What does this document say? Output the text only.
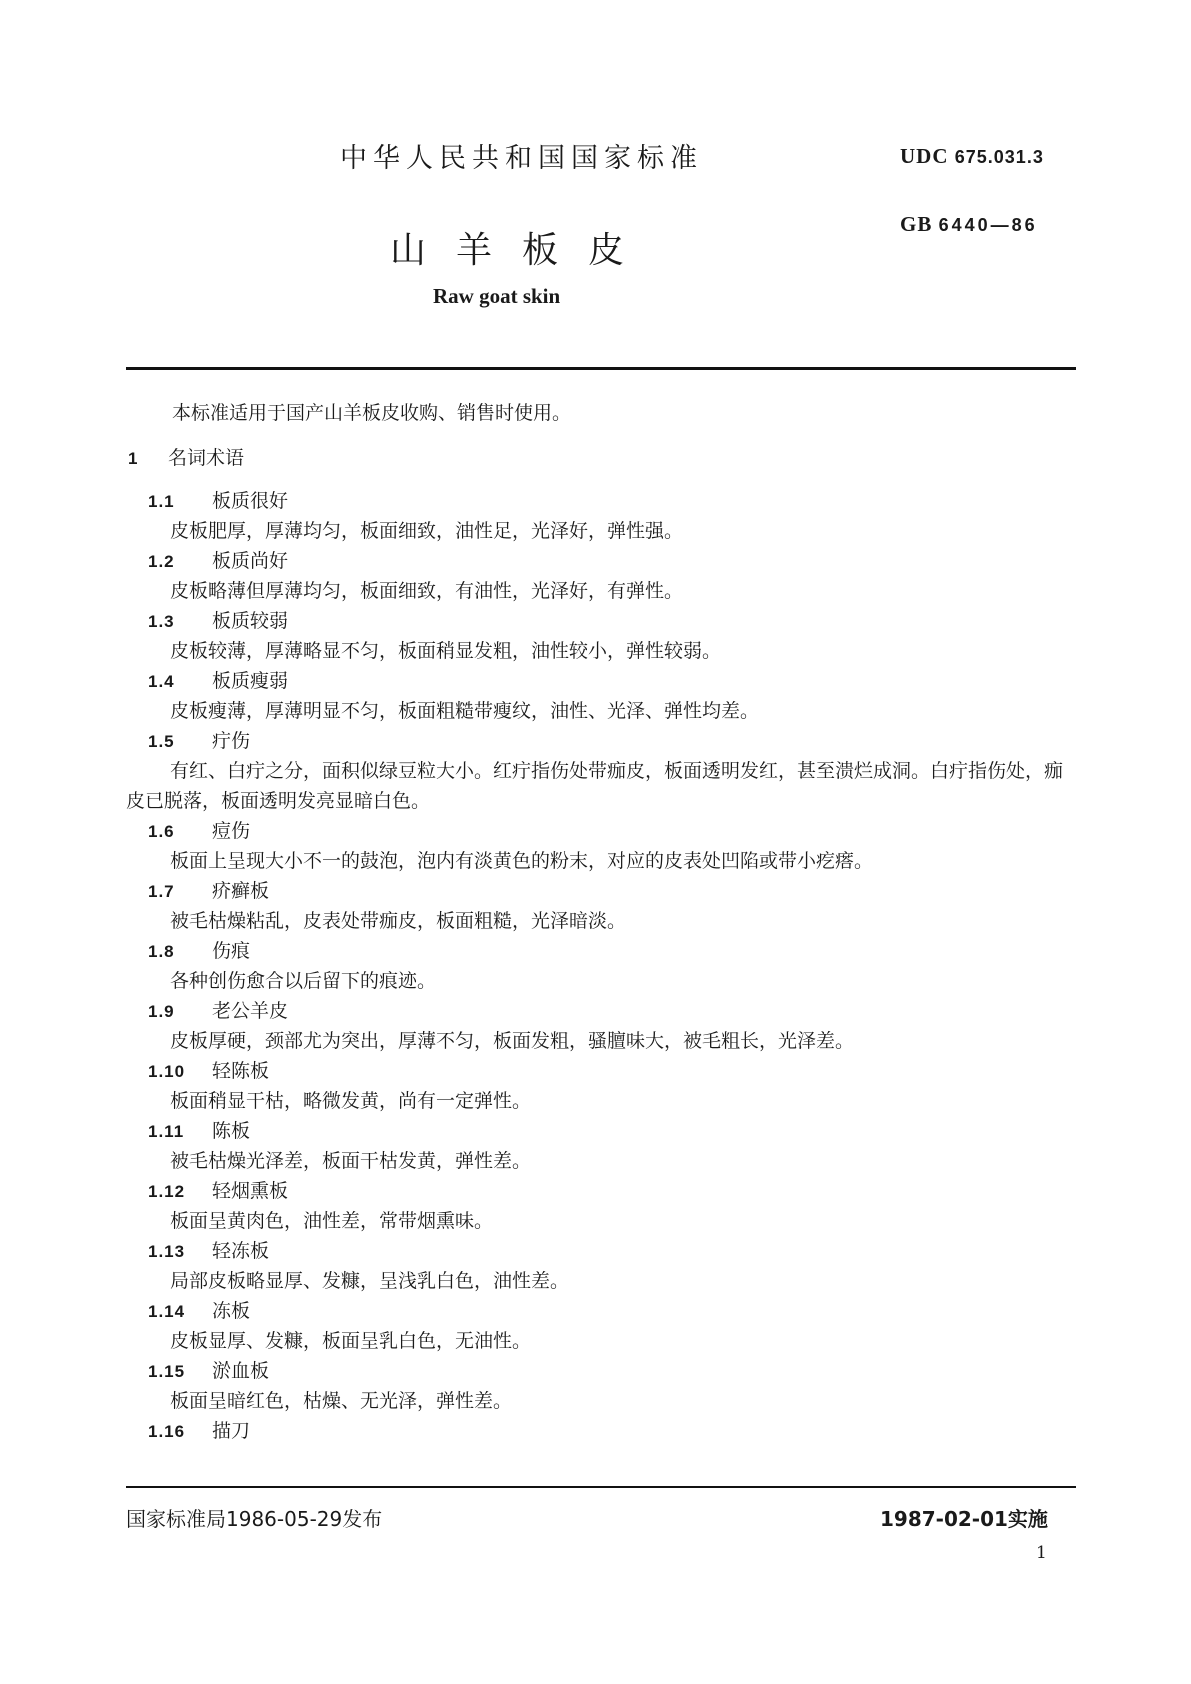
中华人民共和国国家标准	UDC 675.031.3
GB 6440—86
山羊板皮
Raw goat skin
本标准适用于国产山羊板皮收购、销售时使用。
1 名词术语
1.1 板质很好
皮板肥厚，厚薄均匀，板面细致，油性足，光泽好，弹性强。
1.2 板质尚好
皮板略薄但厚薄均匀，板面细致，有油性，光泽好，有弹性。
1.3 板质较弱
皮板较薄，厚薄略显不匀，板面稍显发粗，油性较小，弹性较弱。
1.4 板质瘦弱
皮板瘦薄，厚薄明显不匀，板面粗糙带瘦纹，油性、光泽、弹性均差。
1.5 疔伤
有红、白疔之分，面积似绿豆粒大小。红疔指伤处带痂皮，板面透明发红，甚至溃烂成洞。白疔指伤处，痂皮已脱落，板面透明发亮显暗白色。
1.6 痘伤
板面上呈现大小不一的鼓泡，泡内有淡黄色的粉末，对应的皮表处凹陷或带小疙瘩。
1.7 疥癣板
被毛枯燥粘乱，皮表处带痂皮，板面粗糙，光泽暗淡。
1.8 伤痕
各种创伤愈合以后留下的痕迹。
1.9 老公羊皮
皮板厚硬，颈部尤为突出，厚薄不匀，板面发粗，骚膻味大，被毛粗长，光泽差。
1.10 轻陈板
板面稍显干枯，略微发黄，尚有一定弹性。
1.11 陈板
被毛枯燥光泽差，板面干枯发黄，弹性差。
1.12 轻烟熏板
板面呈黄肉色，油性差，常带烟熏味。
1.13 轻冻板
局部皮板略显厚、发糠，呈浅乳白色，油性差。
1.14 冻板
皮板显厚、发糠，板面呈乳白色，无油性。
1.15 淤血板
板面呈暗红色，枯燥、无光泽，弹性差。
1.16 描刀
国家标准局1986-05-29发布	1987-02-01实施
1
